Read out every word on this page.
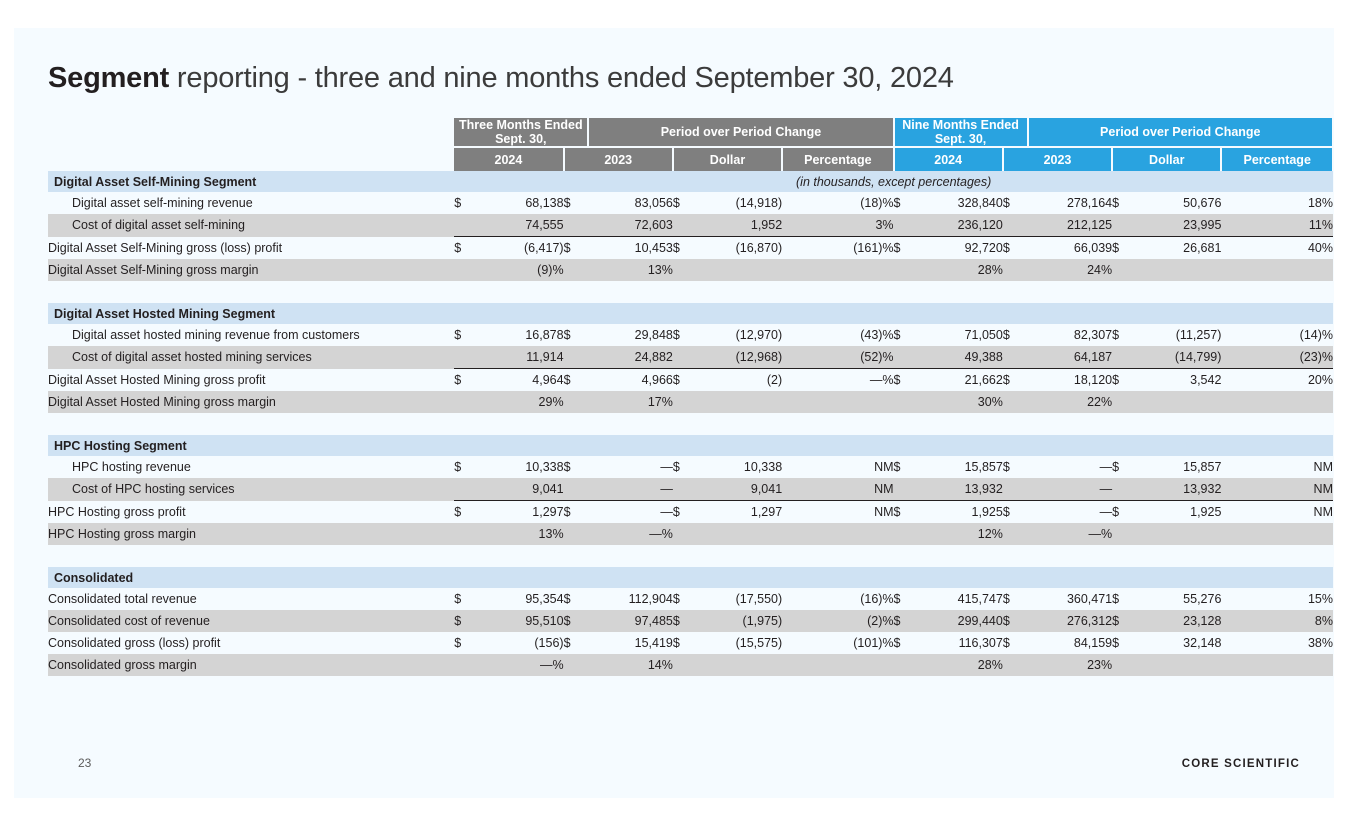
Segment reporting - three and nine months ended September 30, 2024
	Three Months Ended Sept. 30,			Period over Period Change				Nine Months Ended Sept. 30,			Period over Period Change			
	2024		2023		Dollar		Percentage	2024		2023		Dollar		Percentage
Digital Asset Self-Mining Segment	(in thousands, except percentages)													
Digital asset self-mining revenue	$	68,138	$	83,056	$	(14,918)	(18)%	$	328,840	$	278,164	$	50,676	18%
Cost of digital asset self-mining		74,555		72,603		1,952	3%		236,120		212,125		23,995	11%
Digital Asset Self-Mining gross (loss) profit	$	(6,417)	$	10,453	$	(16,870)	(161)%	$	92,720	$	66,039	$	26,681	40%
Digital Asset Self-Mining gross margin		(9)%		13%					28%		24%			

Digital Asset Hosted Mining Segment														
Digital asset hosted mining revenue from customers	$	16,878	$	29,848	$	(12,970)	(43)%	$	71,050	$	82,307	$	(11,257)	(14)%
Cost of digital asset hosted mining services		11,914		24,882		(12,968)	(52)%		49,388		64,187		(14,799)	(23)%
Digital Asset Hosted Mining gross profit	$	4,964	$	4,966	$	(2)	—%	$	21,662	$	18,120	$	3,542	20%
Digital Asset Hosted Mining gross margin		29%		17%					30%		22%			

HPC Hosting Segment														
HPC hosting revenue	$	10,338	$	—	$	10,338	NM	$	15,857	$	—	$	15,857	NM
Cost of HPC hosting services		9,041		—		9,041	NM		13,932		—		13,932	NM
HPC Hosting gross profit	$	1,297	$	—	$	1,297	NM	$	1,925	$	—	$	1,925	NM
HPC Hosting gross margin		13%		—%					12%		—%			

Consolidated														
Consolidated total revenue	$	95,354	$	112,904	$	(17,550)	(16)%	$	415,747	$	360,471	$	55,276	15%
Consolidated cost of revenue	$	95,510	$	97,485	$	(1,975)	(2)%	$	299,440	$	276,312	$	23,128	8%
Consolidated gross (loss) profit	$	(156)	$	15,419	$	(15,575)	(101)%	$	116,307	$	84,159	$	32,148	38%
Consolidated gross margin		—%		14%					28%		23%			
23	CORE SCIENTIFIC
